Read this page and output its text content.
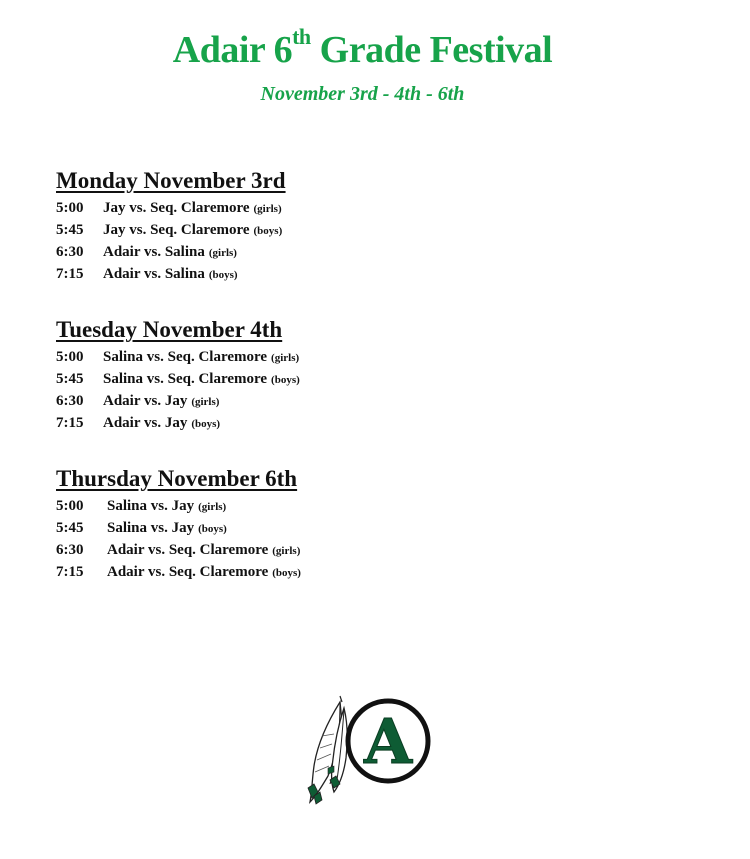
Adair 6th Grade Festival
November 3rd - 4th - 6th
Monday November 3rd
5:00	Jay vs. Seq. Claremore (girls)
5:45	Jay vs. Seq. Claremore (boys)
6:30	Adair vs. Salina (girls)
7:15	Adair vs. Salina (boys)
Tuesday November 4th
5:00	Salina vs. Seq. Claremore (girls)
5:45	Salina vs. Seq. Claremore (boys)
6:30	Adair vs. Jay (girls)
7:15	Adair vs. Jay (boys)
Thursday November 6th
5:00	Salina vs. Jay (girls)
5:45	Salina vs. Jay (boys)
6:30	Adair vs. Seq. Claremore (girls)
7:15	Adair vs. Seq. Claremore (boys)
A
